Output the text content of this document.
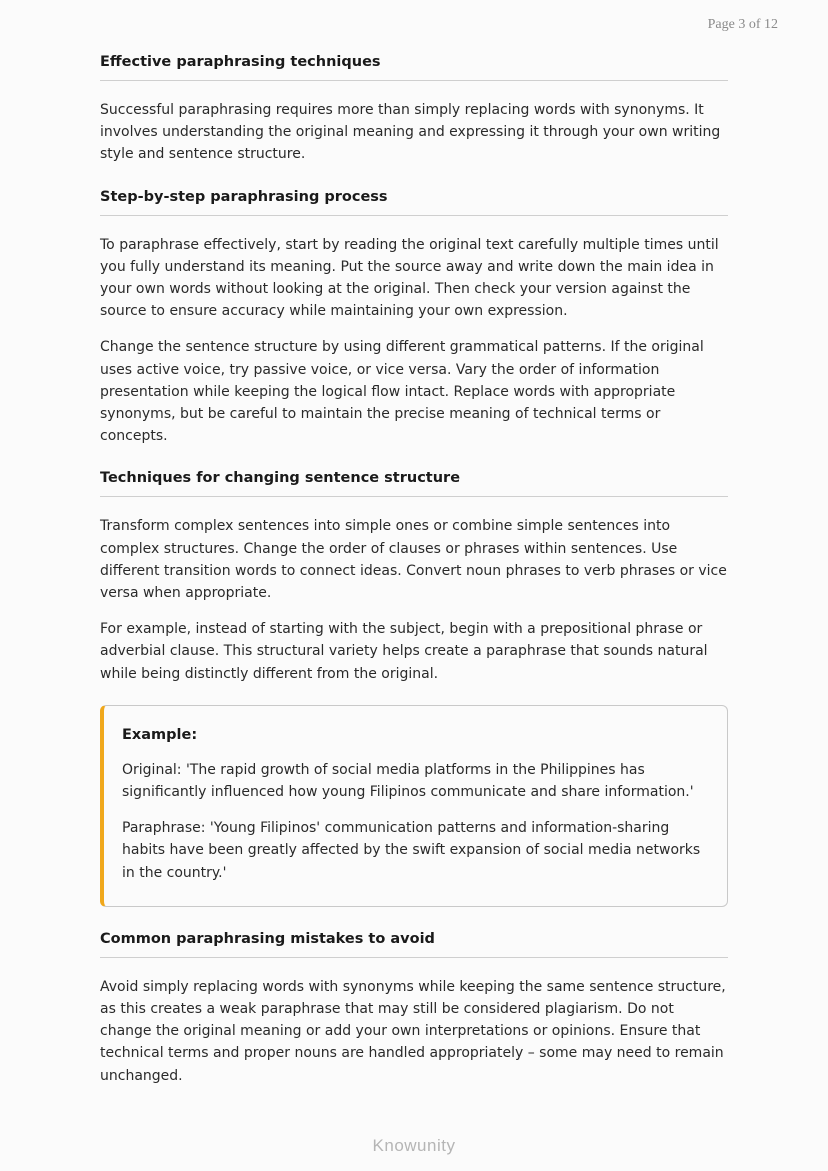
Page 3 of 12
Effective paraphrasing techniques

Successful paraphrasing requires more than simply replacing words with synonyms. It involves understanding the original meaning and expressing it through your own writing style and sentence structure.

Step-by-step paraphrasing process

To paraphrase effectively, start by reading the original text carefully multiple times until you fully understand its meaning. Put the source away and write down the main idea in your own words without looking at the original. Then check your version against the source to ensure accuracy while maintaining your own expression.

Change the sentence structure by using different grammatical patterns. If the original uses active voice, try passive voice, or vice versa. Vary the order of information presentation while keeping the logical flow intact. Replace words with appropriate synonyms, but be careful to maintain the precise meaning of technical terms or concepts.

Techniques for changing sentence structure

Transform complex sentences into simple ones or combine simple sentences into complex structures. Change the order of clauses or phrases within sentences. Use different transition words to connect ideas. Convert noun phrases to verb phrases or vice versa when appropriate.

For example, instead of starting with the subject, begin with a prepositional phrase or adverbial clause. This structural variety helps create a paraphrase that sounds natural while being distinctly different from the original.

Example:

Original: 'The rapid growth of social media platforms in the Philippines has significantly influenced how young Filipinos communicate and share information.'

Paraphrase: 'Young Filipinos' communication patterns and information-sharing habits have been greatly affected by the swift expansion of social media networks in the country.'

Common paraphrasing mistakes to avoid

Avoid simply replacing words with synonyms while keeping the same sentence structure, as this creates a weak paraphrase that may still be considered plagiarism. Do not change the original meaning or add your own interpretations or opinions. Ensure that technical terms and proper nouns are handled appropriately – some may need to remain unchanged.

Knowunity
